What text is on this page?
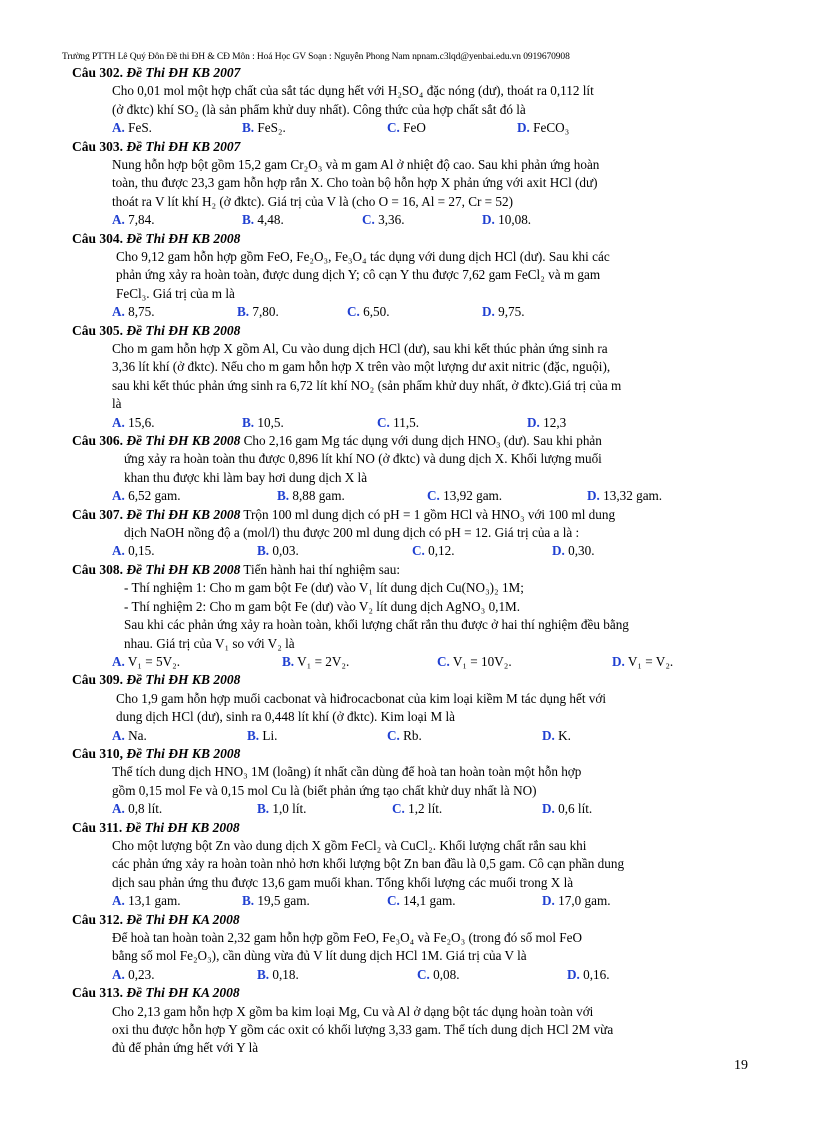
Trường PTTH Lê Quý Đôn Đề thi ĐH & CĐ Môn : Hoá Học GV Soạn : Nguyễn Phong Nam npnam.c3lqd@yenbai.edu.vn 0919670908
Câu 302. Đề Thi ĐH KB 2007

Cho 0,01 mol một hợp chất của sắt tác dụng hết với H₂SO₄ đặc nóng (dư), thoát ra 0,112 lít

(ở đktc) khí SO₂ (là sản phẩm khử duy nhất). Công thức của hợp chất sắt đó là

A. FeS.	B. FeS₂.	C. FeO	D. FeCO₃
Câu 303. Đề Thi ĐH KB 2007

Nung hỗn hợp bột gồm 15,2 gam Cr₂O₃ và m gam Al ở nhiệt độ cao. Sau khi phản ứng hoàn

toàn, thu được 23,3 gam hỗn hợp rắn X. Cho toàn bộ hỗn hợp X phản ứng với axit HCl (dư)

thoát ra V lít khí H₂ (ở đktc). Giá trị của V là (cho O = 16, Al = 27, Cr = 52)

A. 7,84.	B. 4,48.	C. 3,36.	D. 10,08.
Câu 304. Đề Thi ĐH KB 2008

Cho 9,12 gam hỗn hợp gồm FeO, Fe₂O₃, Fe₃O₄ tác dụng với dung dịch HCl (dư). Sau khi các

phản ứng xảy ra hoàn toàn, được dung dịch Y; cô cạn Y thu được 7,62 gam FeCl₂ và m gam

FeCl₃. Giá trị của m là

A. 8,75.	B. 7,80.	C. 6,50.	D. 9,75.
Câu 305. Đề Thi ĐH KB 2008

Cho m gam hỗn hợp X gồm Al, Cu vào dung dịch HCl (dư), sau khi kết thúc phản ứng sinh ra

3,36 lít khí (ở đktc). Nếu cho m gam hỗn hợp X trên vào một lượng dư axit nitric (đặc, nguội),

sau khi kết thúc phản ứng sinh ra 6,72 lít khí NO₂ (sản phẩm khử duy nhất, ở đktc).Giá trị của m

là

A. 15,6.	B. 10,5.	C. 11,5.	D. 12,3
Câu 306. Đề Thi ĐH KB 2008 Cho 2,16 gam Mg tác dụng với dung dịch HNO₃ (dư). Sau khi phản

ứng xảy ra hoàn toàn thu được 0,896 lít khí NO (ở đktc) và dung dịch X. Khối lượng muối

khan thu được khi làm bay hơi dung dịch X là

A. 6,52 gam.	B. 8,88 gam.	C. 13,92 gam.	D. 13,32 gam.
Câu 307. Đề Thi ĐH KB 2008 Trộn 100 ml dung dịch có pH = 1 gồm HCl và HNO₃ với 100 ml dung

dịch NaOH nồng độ a (mol/l) thu được 200 ml dung dịch có pH = 12. Giá trị của a là :

A. 0,15.	B. 0,03.	C. 0,12.	D. 0,30.
Câu 308. Đề Thi ĐH KB 2008 Tiến hành hai thí nghiệm sau:

- Thí nghiệm 1: Cho m gam bột Fe (dư) vào V₁ lít dung dịch Cu(NO₃)₂ 1M;

- Thí nghiệm 2: Cho m gam bột Fe (dư) vào V₂ lít dung dịch AgNO₃ 0,1M.

Sau khi các phản ứng xảy ra hoàn toàn, khối lượng chất rắn thu được ở hai thí nghiệm đều bằng

nhau. Giá trị của V₁ so với V₂ là

A. V₁ = 5V₂.	B. V₁ = 2V₂.	C. V₁ = 10V₂.	D. V₁ = V₂.
Câu 309. Đề Thi ĐH KB 2008

Cho 1,9 gam hỗn hợp muối cacbonat và hiđrocacbonat của kim loại kiềm M tác dụng hết với

dung dịch HCl (dư), sinh ra 0,448 lít khí (ở đktc). Kim loại M là

A. Na.	B. Li.	C. Rb.	D. K.
Câu 310, Đề Thi ĐH KB 2008

Thể tích dung dịch HNO₃ 1M (loãng) ít nhất cần dùng để hoà tan hoàn toàn một hỗn hợp

gồm 0,15 mol Fe và 0,15 mol Cu là (biết phản ứng tạo chất khử duy nhất là NO)

A. 0,8 lít.	B. 1,0 lít.	C. 1,2 lít.	D. 0,6 lít.
Câu 311. Đề Thi ĐH KB 2008

Cho một lượng bột Zn vào dung dịch X gồm FeCl₂ và CuCl₂. Khối lượng chất rắn sau khi

các phản ứng xảy ra hoàn toàn nhỏ hơn khối lượng bột Zn ban đầu là 0,5 gam. Cô cạn phần dung

dịch sau phản ứng thu được 13,6 gam muối khan. Tổng khối lượng các muối trong X là

A. 13,1 gam.	B. 19,5 gam.	C. 14,1 gam.	D. 17,0 gam.
Câu 312. Đề Thi ĐH KA 2008

Để hoà tan hoàn toàn 2,32 gam hỗn hợp gồm FeO, Fe₃O₄ và Fe₂O₃ (trong đó số mol FeO

bằng số mol Fe₂O₃), cần dùng vừa đủ V lít dung dịch HCl 1M. Giá trị của V là

A. 0,23.	B. 0,18.	C. 0,08.	D. 0,16.
Câu 313. Đề Thi ĐH KA 2008

Cho 2,13 gam hỗn hợp X gồm ba kim loại Mg, Cu và Al ở dạng bột tác dụng hoàn toàn với

oxi thu được hỗn hợp Y gồm các oxit có khối lượng 3,33 gam. Thể tích dung dịch HCl 2M vừa

đủ để phản ứng hết với Y là

19
